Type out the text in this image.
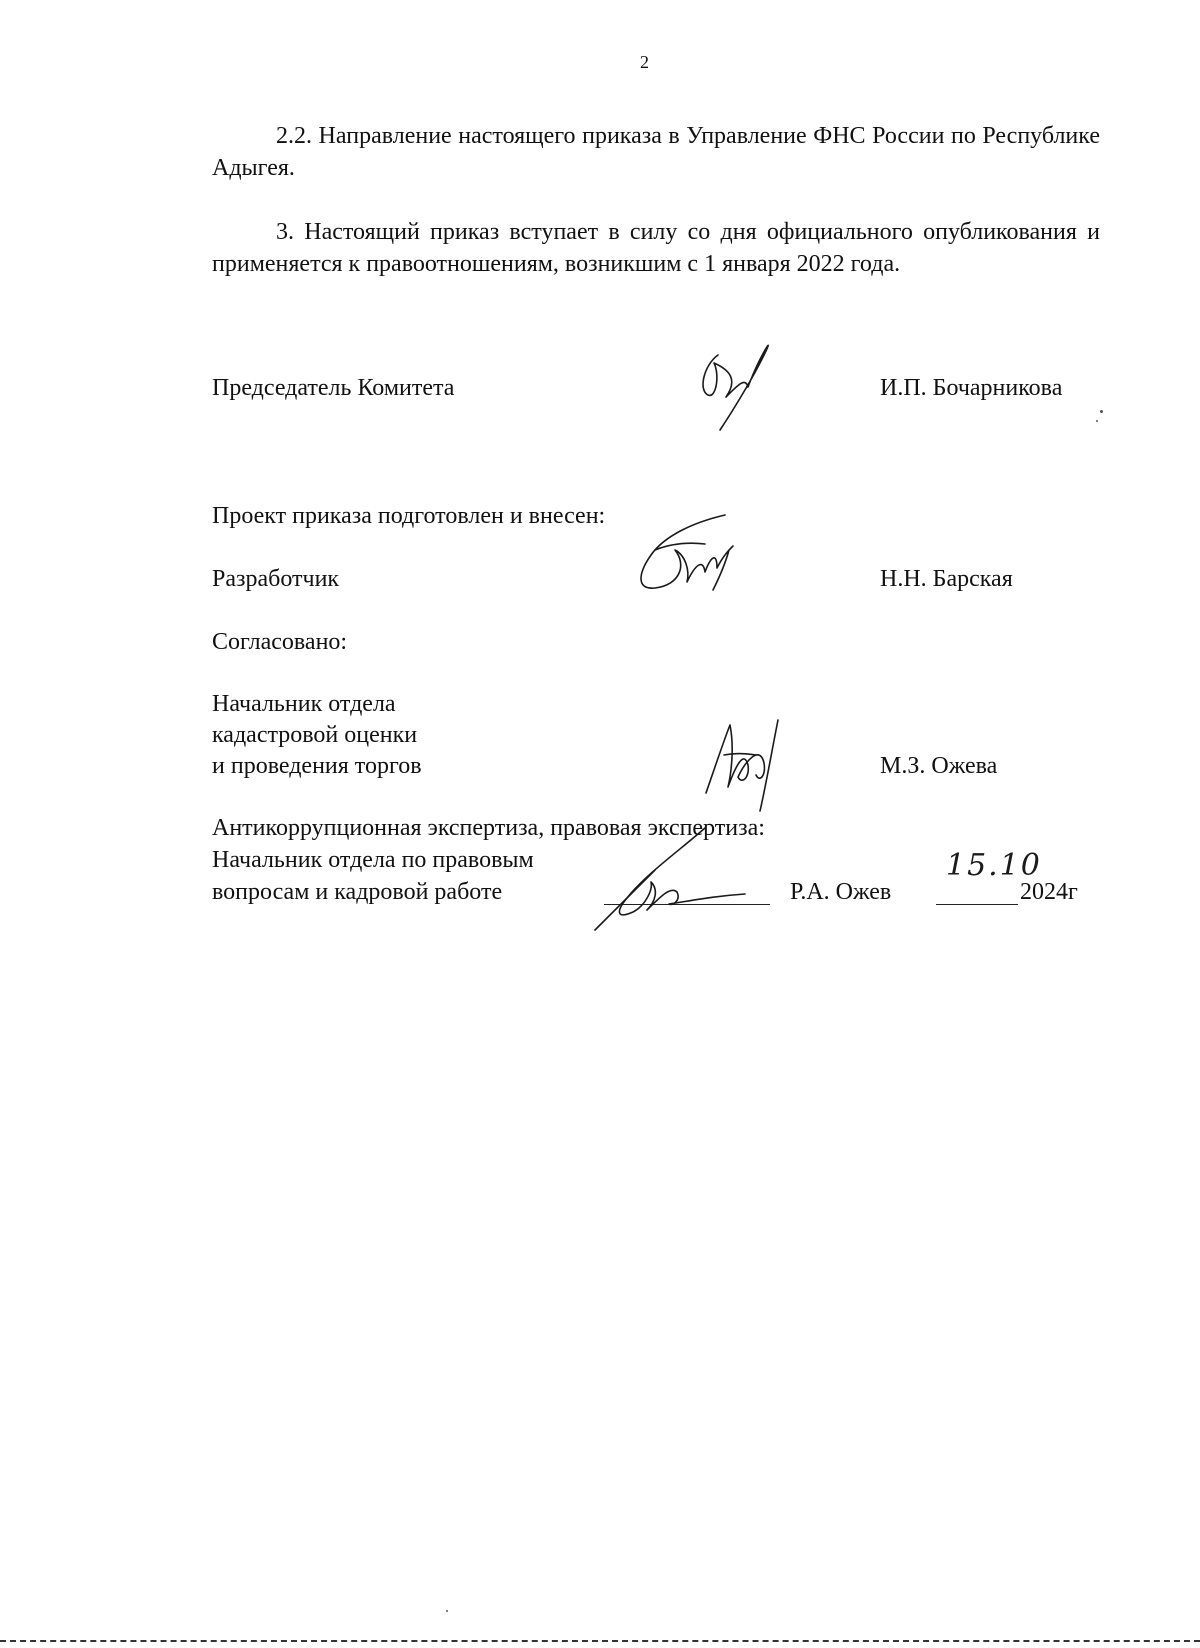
2
2.2. Направление настоящего приказа в Управление ФНС России по Республике Адыгея.
3. Настоящий приказ вступает в силу со дня официального опубликования и применяется к правоотношениям, возникшим с 1 января 2022 года.
Председатель Комитета	И.П. Бочарникова
Проект приказа подготовлен и внесен:
Разработчик	Н.Н. Барская
Согласовано:
Начальник отдела
кадастровой оценки
и проведения торгов	М.З. Ожева
Антикоррупционная экспертиза, правовая экспертиза:
Начальник отдела по правовым
вопросам и кадровой работе	Р.А. Ожев
15.10
2024г
